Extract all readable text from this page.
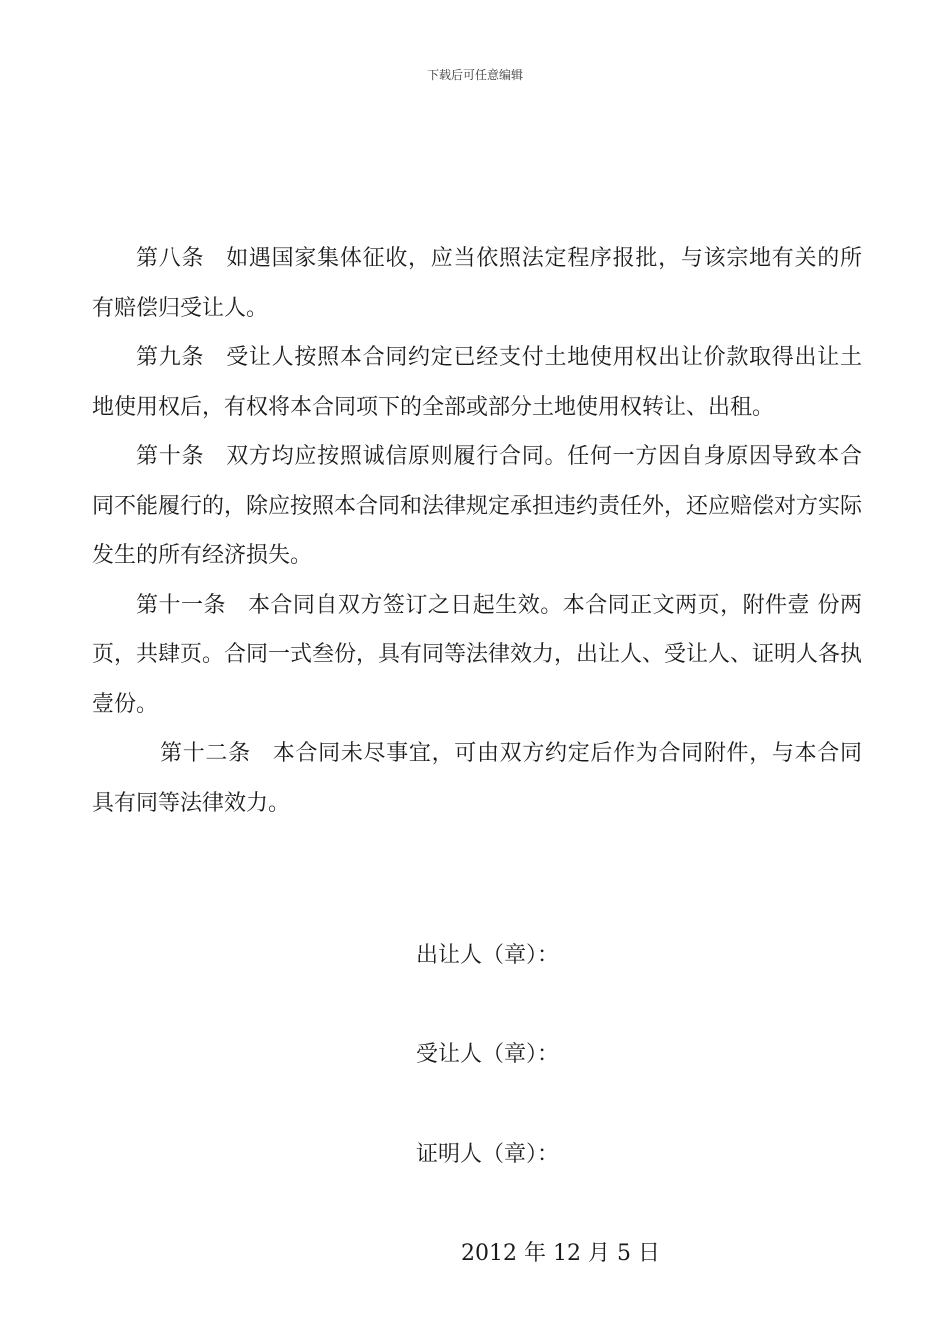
下载后可任意编辑

第八条 如遇国家集体征收，应当依照法定程序报批，与该宗地有关的所有赔偿归受让人。

第九条 受让人按照本合同约定已经支付土地使用权出让价款取得出让土地使用权后，有权将本合同项下的全部或部分土地使用权转让、出租。

第十条 双方均应按照诚信原则履行合同。任何一方因自身原因导致本合同不能履行的，除应按照本合同和法律规定承担违约责任外，还应赔偿对方实际发生的所有经济损失。

第十一条 本合同自双方签订之日起生效。本合同正文两页，附件壹 份两页，共肆页。合同一式叁份，具有同等法律效力，出让人、受让人、证明人各执壹份。

第十二条 本合同未尽事宜，可由双方约定后作为合同附件，与本合同具有同等法律效力。

出让人（章）：
受让人（章）：
证明人（章）：
2012 年 12 月 5 日
